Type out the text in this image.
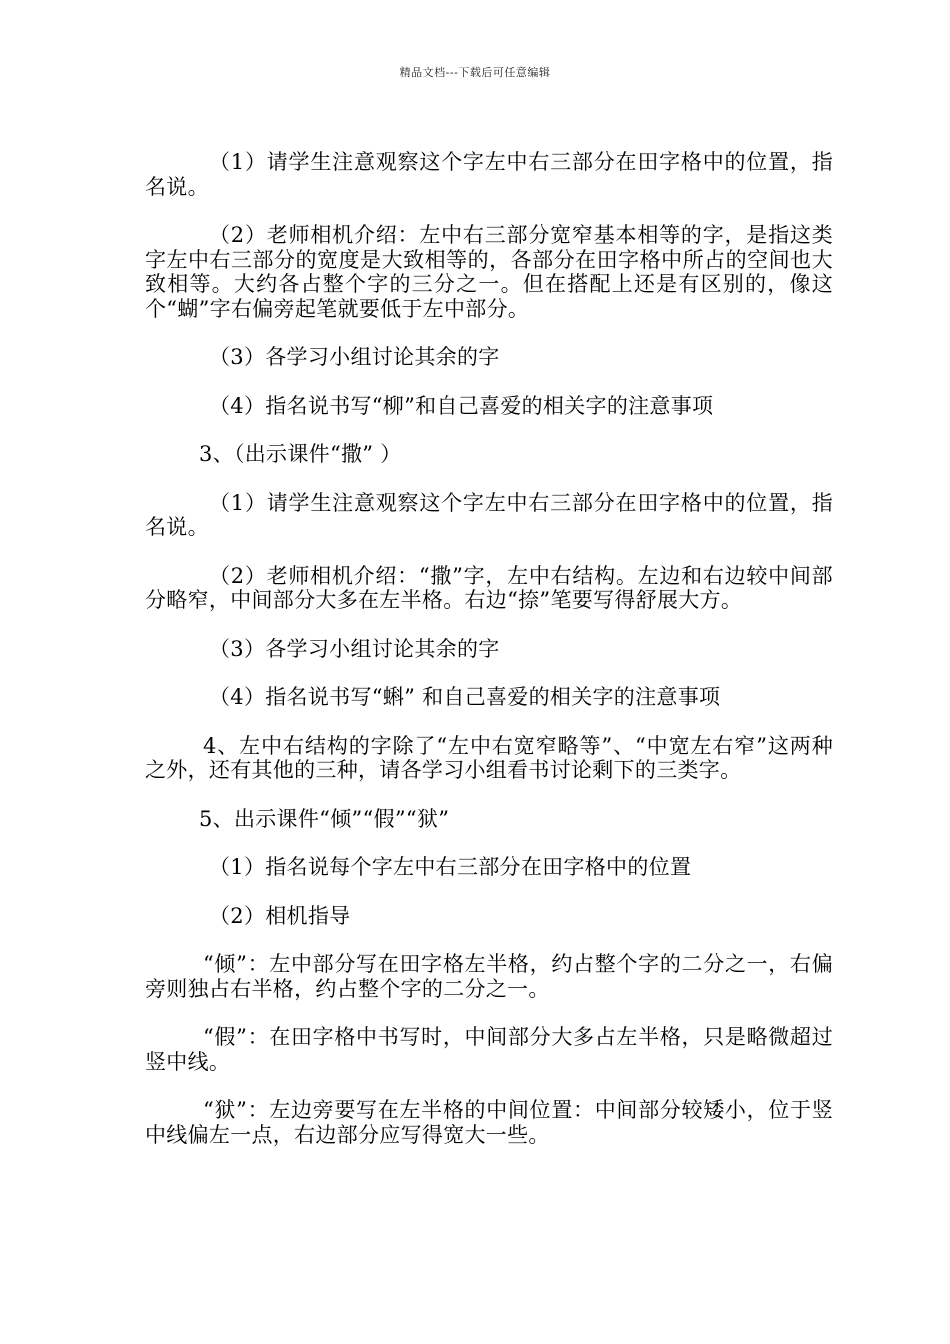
精品文档---下载后可任意编辑

（1）请学生注意观察这个字左中右三部分在田字格中的位置，指名说。

（2）老师相机介绍：左中右三部分宽窄基本相等的字，是指这类字左中右三部分的宽度是大致相等的，各部分在田字格中所占的空间也大致相等。大约各占整个字的三分之一。但在搭配上还是有区别的，像这个“蝴”字右偏旁起笔就要低于左中部分。

（3）各学习小组讨论其余的字

（4）指名说书写“柳”和自己喜爱的相关字的注意事项

3、（出示课件“撒” ）

（1）请学生注意观察这个字左中右三部分在田字格中的位置，指名说。

（2）老师相机介绍：“撒”字，左中右结构。左边和右边较中间部分略窄，中间部分大多在左半格。右边“捺”笔要写得舒展大方。

（3）各学习小组讨论其余的字

（4）指名说书写“蝌” 和自己喜爱的相关字的注意事项

4、左中右结构的字除了“左中右宽窄略等”、“中宽左右窄”这两种之外，还有其他的三种，请各学习小组看书讨论剩下的三类字。

5、出示课件“倾”“假”“狱”

（1）指名说每个字左中右三部分在田字格中的位置

（2）相机指导

“倾”：左中部分写在田字格左半格，约占整个字的二分之一，右偏旁则独占右半格，约占整个字的二分之一。

“假”：在田字格中书写时，中间部分大多占左半格，只是略微超过竖中线。

“狱”：左边旁要写在左半格的中间位置：中间部分较矮小，位于竖中线偏左一点，右边部分应写得宽大一些。
